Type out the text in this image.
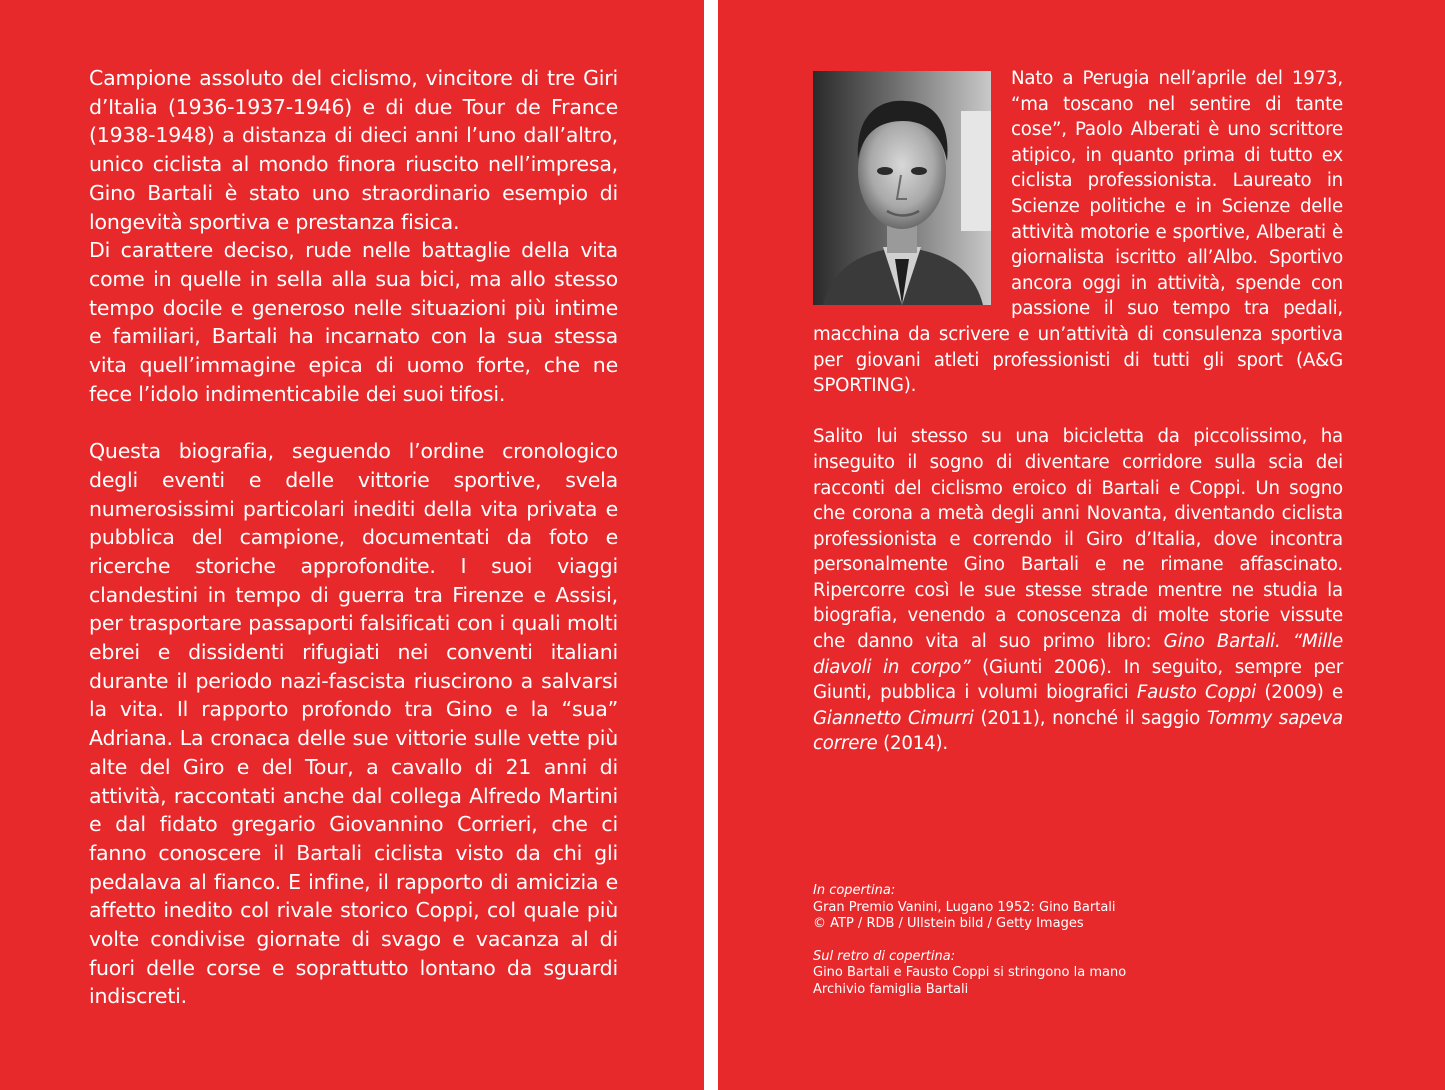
Campione assoluto del ciclismo, vincitore di tre Giri d’Italia (1936-1937-1946) e di due Tour de France (1938-1948) a distanza di dieci anni l’uno dall’altro, unico ciclista al mondo finora riuscito nell’impresa, Gino Bartali è stato uno straordinario esempio di longevità sportiva e prestanza fisica.

Di carattere deciso, rude nelle battaglie della vita come in quelle in sella alla sua bici, ma allo stesso tempo docile e generoso nelle situazioni più intime e familiari, Bartali ha incarnato con la sua stessa vita quell’immagine epica di uomo forte, che ne fece l’idolo indimenticabile dei suoi tifosi.

Questa biografia, seguendo l’ordine cronologico degli eventi e delle vittorie sportive, svela numerosissimi particolari inediti della vita privata e pubblica del campione, documentati da foto e ricerche storiche approfondite. I suoi viaggi clandestini in tempo di guerra tra Firenze e Assisi, per trasportare passaporti falsificati con i quali molti ebrei e dissidenti rifugiati nei conventi italiani durante il periodo nazi-fascista riuscirono a salvarsi la vita. Il rapporto profondo tra Gino e la “sua” Adriana. La cronaca delle sue vittorie sulle vette più alte del Giro e del Tour, a cavallo di 21 anni di attività, raccontati anche dal collega Alfredo Martini e dal fidato gregario Giovannino Corrieri, che ci fanno conoscere il Bartali ciclista visto da chi gli pedalava al fianco. E infine, il rapporto di amicizia e affetto inedito col rivale storico Coppi, col quale più volte condivise giornate di svago e vacanza al di fuori delle corse e soprattutto lontano da sguardi indiscreti.

Nato a Perugia nell’aprile del 1973, “ma toscano nel sentire di tante cose”, Paolo Alberati è uno scrittore atipico, in quanto prima di tutto ex ciclista professionista. Laureato in Scienze politiche e in Scienze delle attività motorie e sportive, Alberati è giornalista iscritto all’Albo. Sportivo ancora oggi in attività, spende con passione il suo tempo tra pedali, macchina da scrivere e un’attività di consulenza sportiva per giovani atleti professionisti di tutti gli sport (A&G SPORTING).

Salito lui stesso su una bicicletta da piccolissimo, ha inseguito il sogno di diventare corridore sulla scia dei racconti del ciclismo eroico di Bartali e Coppi. Un sogno che corona a metà degli anni Novanta, diventando ciclista professionista e correndo il Giro d’Italia, dove incontra personalmente Gino Bartali e ne rimane affascinato. Ripercorre così le sue stesse strade mentre ne studia la biografia, venendo a conoscenza di molte storie vissute che danno vita al suo primo libro: Gino Bartali. “Mille diavoli in corpo” (Giunti 2006). In seguito, sempre per Giunti, pubblica i volumi biografici Fausto Coppi (2009) e Giannetto Cimurri (2011), nonché il saggio Tommy sapeva correre (2014).

In copertina:
Gran Premio Vanini, Lugano 1952: Gino Bartali
© ATP / RDB / Ullstein bild / Getty Images
Sul retro di copertina:
Gino Bartali e Fausto Coppi si stringono la mano
Archivio famiglia Bartali
